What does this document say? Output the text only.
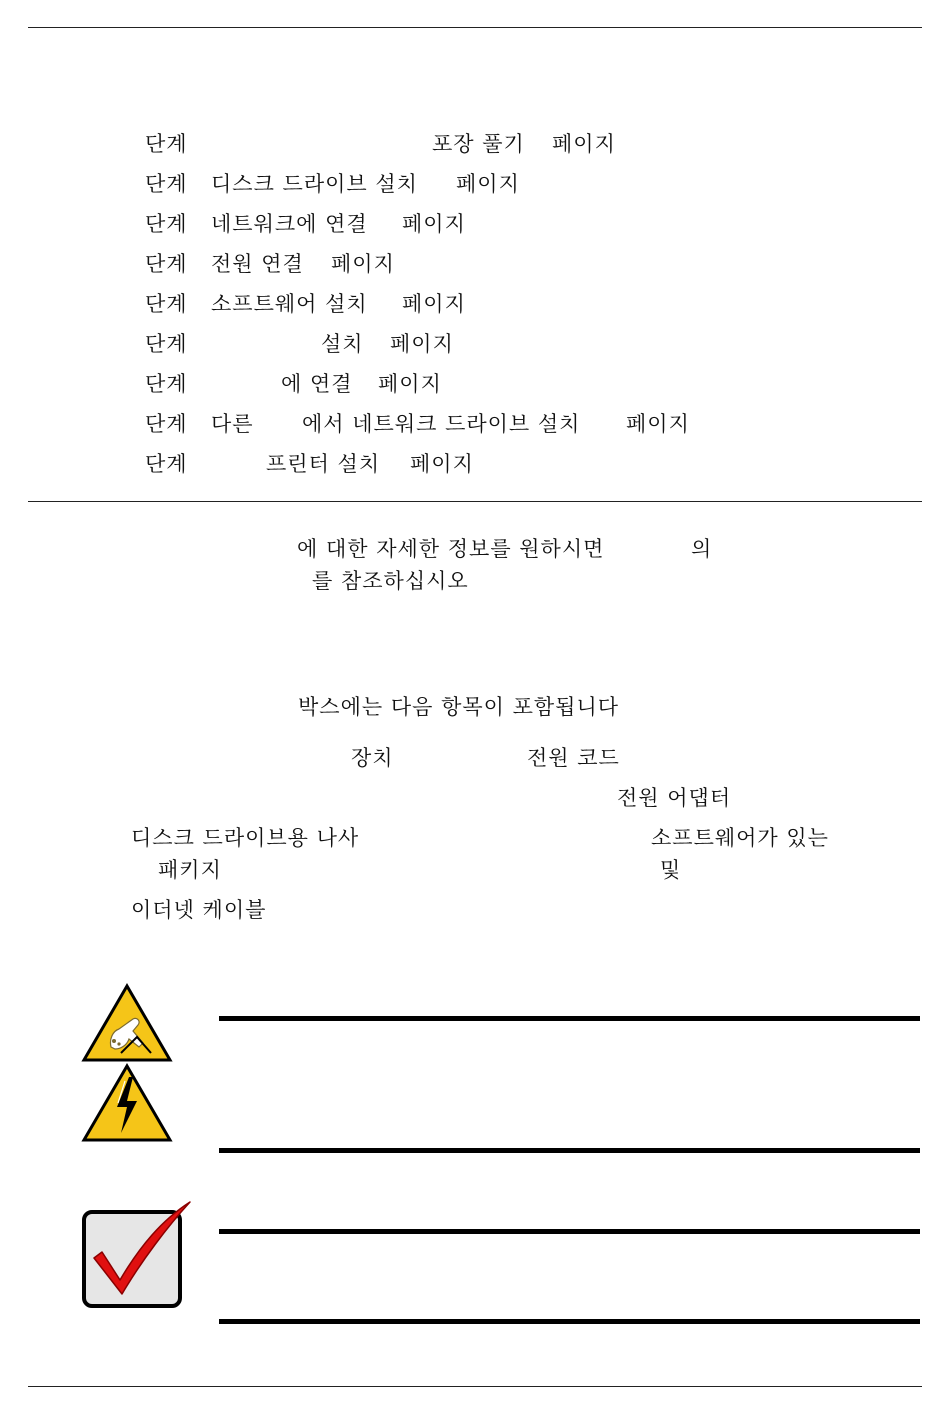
단계	포장 풀기 페이지
단계 디스크 드라이브 설치 페이지
단계 네트워크에 연결 페이지
단계 전원 연결 페이지
단계 소프트웨어 설치 페이지
단계	설치 페이지
단계	에 연결 페이지
단계 다른 에서 네트워크 드라이브 설치 페이지
단계	프린터 설치 페이지
에 대한 자세한 정보를 원하시면	의
를 참조하십시오
박스에는 다음 항목이 포함됩니다
장치	전원 코드
전원 어댑터
디스크 드라이브용 나사
패키지
소프트웨어가 있는
및
이더넷 케이블
